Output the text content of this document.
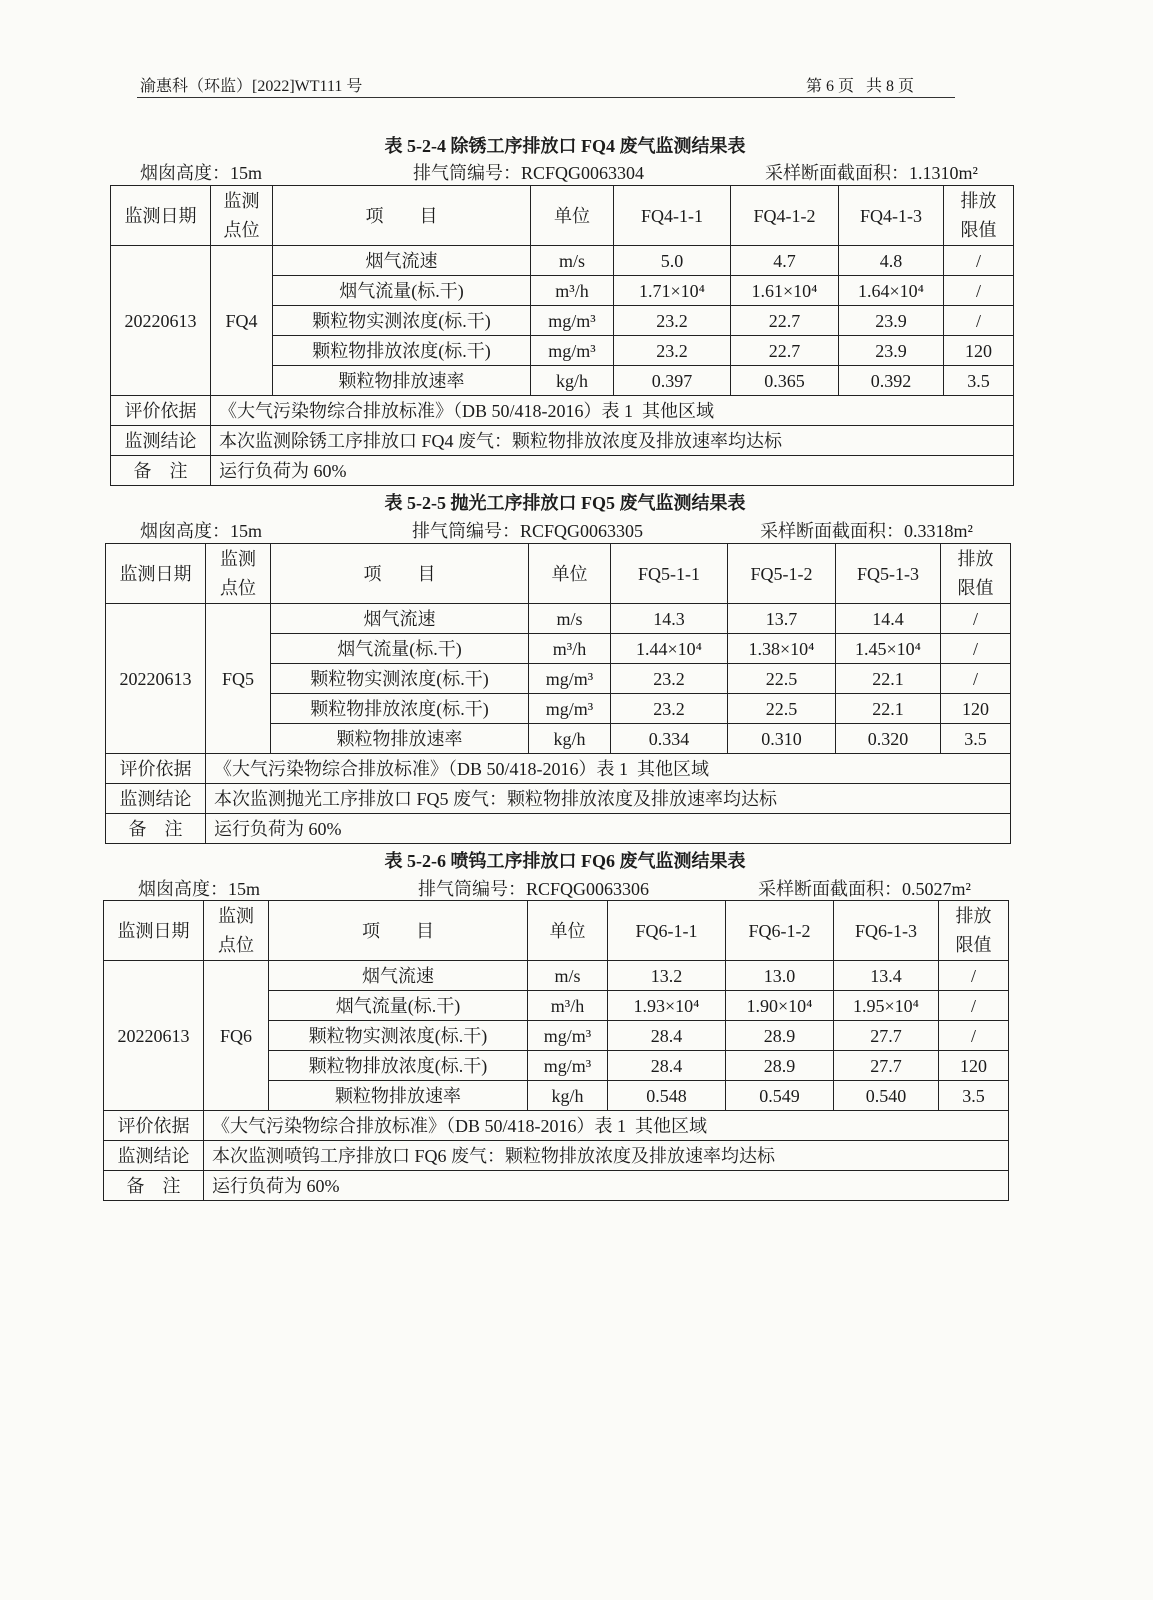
渝惠科（环监）[2022]WT111 号	第 6 页   共 8 页
表 5-2-4 除锈工序排放口 FQ4 废气监测结果表
烟囱高度：15m	排气筒编号：RCFQG0063304	采样断面截面积：1.1310m²
监测日期	监测点位	项　　目	单位	FQ4-1-1	FQ4-1-2	FQ4-1-3	排放限值
20220613	FQ4	烟气流速	m/s	5.0	4.7	4.8	/
		烟气流量(标.干)	m³/h	1.71×10⁴	1.61×10⁴	1.64×10⁴	/
		颗粒物实测浓度(标.干)	mg/m³	23.2	22.7	23.9	/
		颗粒物排放浓度(标.干)	mg/m³	23.2	22.7	23.9	120
		颗粒物排放速率	kg/h	0.397	0.365	0.392	3.5
评价依据	《大气污染物综合排放标准》（DB 50/418-2016）表 1  其他区域						
监测结论	本次监测除锈工序排放口 FQ4 废气：颗粒物排放浓度及排放速率均达标						
备　注	运行负荷为 60%						
表 5-2-5 抛光工序排放口 FQ5 废气监测结果表
烟囱高度：15m	排气筒编号：RCFQG0063305	采样断面截面积：0.3318m²
监测日期	监测点位	项　　目	单位	FQ5-1-1	FQ5-1-2	FQ5-1-3	排放限值
20220613	FQ5	烟气流速	m/s	14.3	13.7	14.4	/
		烟气流量(标.干)	m³/h	1.44×10⁴	1.38×10⁴	1.45×10⁴	/
		颗粒物实测浓度(标.干)	mg/m³	23.2	22.5	22.1	/
		颗粒物排放浓度(标.干)	mg/m³	23.2	22.5	22.1	120
		颗粒物排放速率	kg/h	0.334	0.310	0.320	3.5
评价依据	《大气污染物综合排放标准》（DB 50/418-2016）表 1  其他区域						
监测结论	本次监测抛光工序排放口 FQ5 废气：颗粒物排放浓度及排放速率均达标						
备　注	运行负荷为 60%						
表 5-2-6 喷钨工序排放口 FQ6 废气监测结果表
烟囱高度：15m	排气筒编号：RCFQG0063306	采样断面截面积：0.5027m²
监测日期	监测点位	项　　目	单位	FQ6-1-1	FQ6-1-2	FQ6-1-3	排放限值
20220613	FQ6	烟气流速	m/s	13.2	13.0	13.4	/
		烟气流量(标.干)	m³/h	1.93×10⁴	1.90×10⁴	1.95×10⁴	/
		颗粒物实测浓度(标.干)	mg/m³	28.4	28.9	27.7	/
		颗粒物排放浓度(标.干)	mg/m³	28.4	28.9	27.7	120
		颗粒物排放速率	kg/h	0.548	0.549	0.540	3.5
评价依据	《大气污染物综合排放标准》（DB 50/418-2016）表 1  其他区域						
监测结论	本次监测喷钨工序排放口 FQ6 废气：颗粒物排放浓度及排放速率均达标						
备　注	运行负荷为 60%						
